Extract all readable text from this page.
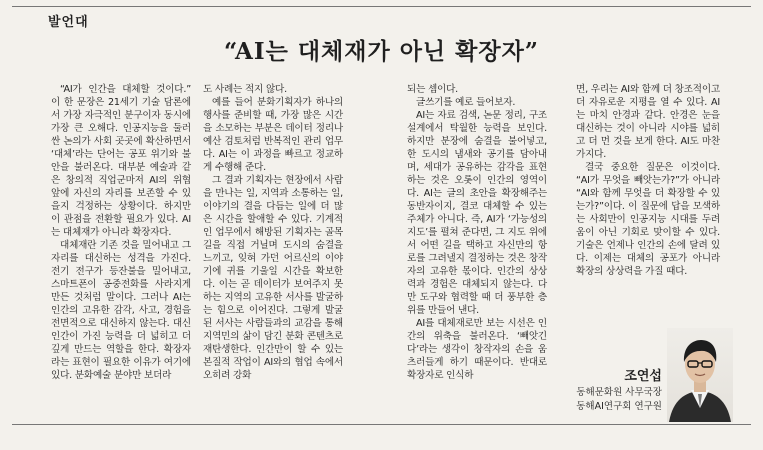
발언대
“AI는 대체재가 아닌 확장자”

“AI가 인간을 대체할 것이다.” 이 한 문장은 21세기 기술 담론에서 가장 자극적인 분구이자 동시에 가장 큰 오해다. 인공지능을 둘러싼 논의가 사회 곳곳에 확산하면서 ‘대체’라는 단어는 공포 위기와 불안을 불러온다. 대부분 예술과 같은 창의적 직업군마저 AI의 위협 앞에 자신의 자리를 보존할 수 있을지 걱정하는 상황이다. 하지만 이 관점을 전환할 필요가 있다. AI는 대체재가 아니라 확장자다.

대체재란 기존 것을 밀어내고 그 자리를 대신하는 성격을 가진다. 전기 전구가 등잔불을 밀어내고, 스마트폰이 공중전화를 사라지게 만든 것처럼 말이다. 그러나 AI는 인간의 고유한 감각, 사고, 경험을 전면적으로 대신하지 않는다. 대신 인간이 가진 능력을 더 넓히고 더 깊게 만드는 역할을 한다. 확장자라는 표현이 필요한 이유가 여기에 있다. 분화예술 분야만 보더라

도 사례는 적지 않다.

예를 들어 분화기획자가 하나의 행사를 준비할 때, 가장 많은 시간을 소모하는 부분은 데이터 정리나 예산 검토처럼 반복적인 관리 업무다. AI는 이 과정을 빠르고 정교하게 수행해 준다.

그 결과 기획자는 현장에서 사람을 만나는 일, 지역과 소통하는 일, 이야기의 결을 다듬는 일에 더 많은 시간을 할애할 수 있다. 기계적인 업무에서 해방된 기획자는 골목길을 직접 거닐며 도시의 숨결을 느끼고, 잊혀 가던 어르신의 이야기에 귀를 기울일 시간을 확보한다. 이는 곧 데이터가 보여주지 못하는 지역의 고유한 서사를 발굴하는 힘으로 이어진다. 그렇게 발굴된 서사는 사람들과의 교감을 통해 지역민의 삶이 담긴 분화 콘텐츠로 재탄생한다. 인간만이 할 수 있는 본질적 작업이 AI와의 협업 속에서 오히려 강화

되는 셈이다.

글쓰기를 예로 들어보자.

AI는 자료 검색, 논문 정리, 구조 설계에서 탁월한 능력을 보인다. 하지만 분장에 숨결을 불어넣고, 한 도시의 냄새와 공기를 담아내며, 세대가 공유하는 감각을 표현하는 것은 오롯이 인간의 영역이다. AI는 글의 초안을 확장해주는 동반자이지, 결코 대체할 수 있는 주체가 아니다. 즉, AI가 ‘가능성의 지도’를 펼쳐 준다면, 그 지도 위에서 어떤 길을 택하고 자신만의 항로를 그려낼지 결정하는 것은 창작자의 고유한 몫이다. 인간의 상상력과 경험은 대체되지 않는다. 다만 도구와 협력할 때 더 풍부한 층위를 만들어 낸다.

AI를 대체재로만 보는 시선은 인간의 위축을 불러온다. ‘빼앗긴다’라는 생각이 창작자의 손을 움츠러들게 하기 때문이다. 반대로 확장자로 인식하

면, 우리는 AI와 함께 더 창조적이고 더 자유로운 지평을 열 수 있다. AI는 마치 안경과 같다. 안경은 눈을 대신하는 것이 아니라 시야를 넓히고 더 먼 것을 보게 한다. AI도 마찬가지다.

결국 중요한 질문은 이것이다. “AI가 무엇을 빼앗는가?”가 아니라 “AI와 함께 무엇을 더 확장할 수 있는가?”이다. 이 질문에 답을 모색하는 사회만이 인공지능 시대를 두려움이 아닌 기회로 맞이할 수 있다. 기술은 언제나 인간의 손에 달려 있다. 이제는 대체의 공포가 아니라 확장의 상상력을 가질 때다.

조연섭
동해문화원 사무국장
동해AI연구회 연구원
